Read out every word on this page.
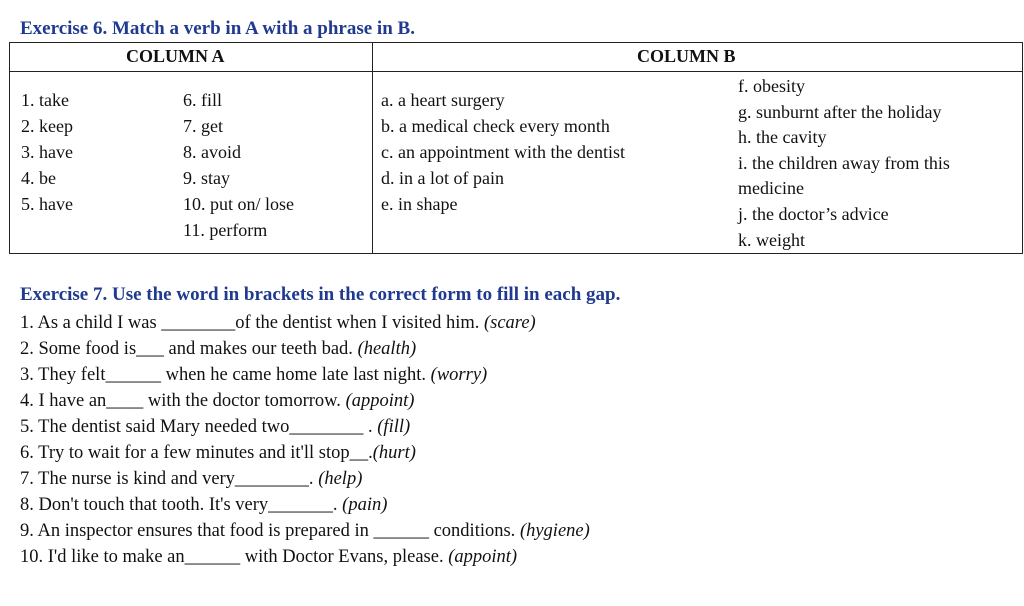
Exercise 6. Match a verb in A with a phrase in B.
COLUMN A	COLUMN B
1. take
2. keep
3. have
4. be
5. have
6. fill
7. get
8. avoid
9. stay
10. put on/ lose
11. perform
a. a heart surgery
b. a medical check every month
c. an appointment with the dentist
d. in a lot of pain
e. in shape
f. obesity
g. sunburnt after the holiday
h. the cavity
i. the children away from this
medicine
j. the doctor’s advice
k. weight
Exercise 7. Use the word in brackets in the correct form to fill in each gap.
1. As a child I was ________of the dentist when I visited him. (scare)
2. Some food is___ and makes our teeth bad. (health)
3. They felt______ when he came home late last night. (worry)
4. I have an____ with the doctor tomorrow. (appoint)
5. The dentist said Mary needed two________ . (fill)
6. Try to wait for a few minutes and it'll stop__.(hurt)
7. The nurse is kind and very________. (help)
8. Don't touch that tooth. It's very_______. (pain)
9. An inspector ensures that food is prepared in ______ conditions. (hygiene)
10. I'd like to make an______ with Doctor Evans, please. (appoint)
